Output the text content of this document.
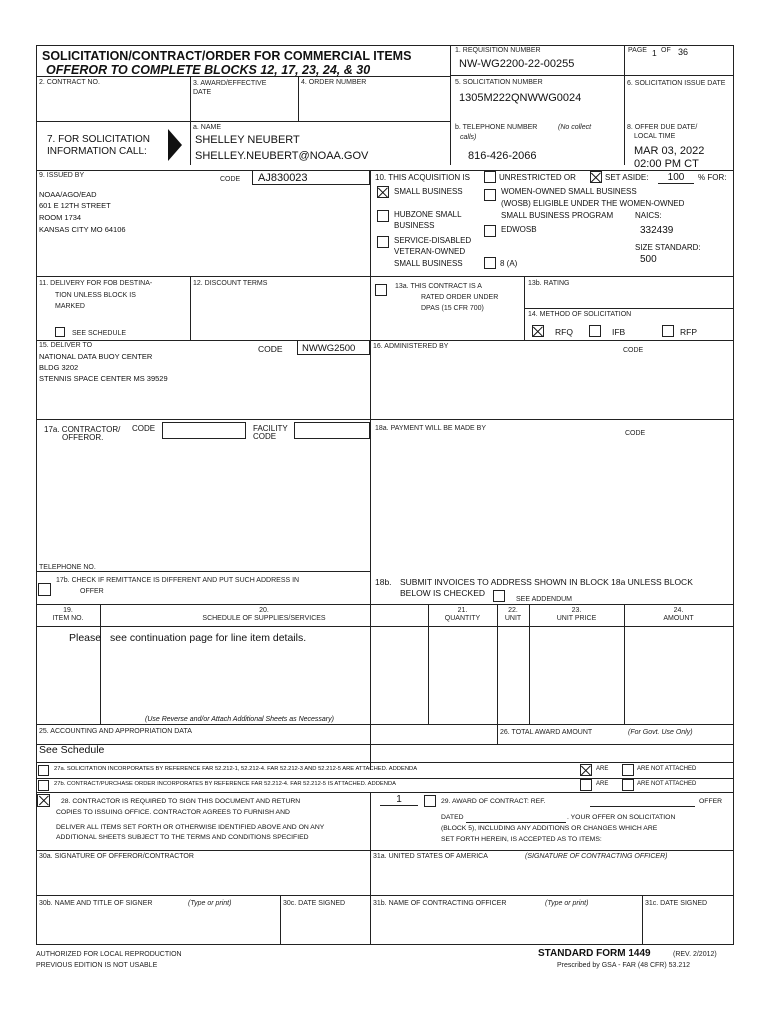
SOLICITATION/CONTRACT/ORDER FOR COMMERCIAL ITEMS
OFFEROR TO COMPLETE BLOCKS 12, 17, 23, 24, & 30
1. REQUISITION NUMBER
NW-WG2200-22-00255
PAGE 1 OF 36
2. CONTRACT NO.	3. AWARD/EFFECTIVE DATE
4. ORDER NUMBER	5. SOLICITATION NUMBER
1305M222QNWWG0024
6. SOLICITATION ISSUE DATE
7. FOR SOLICITATION
INFORMATION CALL:
a. NAME
SHELLEY NEUBERT
SHELLEY.NEUBERT@NOAA.GOV
b. TELEPHONE NUMBER	(No collect
calls)
816-426-2066
8. OFFER DUE DATE/
LOCAL TIME
MAR 03, 2022
02:00 PM CT
9. ISSUED BY
CODE AJ830023
NOAA/AGO/EAD
601 E 12TH STREET
ROOM 1734
KANSAS CITY MO 64106
10. THIS ACQUISITION IS	UNRESTRICTED OR	SET ASIDE:	100	% FOR:
SMALL BUSINESS	WOMEN-OWNED SMALL BUSINESS
(WOSB) ELIGIBLE UNDER THE WOMEN-OWNED
SMALL BUSINESS PROGRAM	NAICS:
332439
HUBZONE SMALL
BUSINESS	EDWOSB
SERVICE-DISABLED
VETERAN-OWNED
SMALL BUSINESS	8 (A)
SIZE STANDARD:
500
11. DELIVERY FOR FOB DESTINA-
TION UNLESS BLOCK IS
MARKED
SEE SCHEDULE
12. DISCOUNT TERMS	13a. THIS CONTRACT IS A
RATED ORDER UNDER
DPAS (15 CFR 700)
13b. RATING
14. METHOD OF SOLICITATION
RFQ	IFB	RFP
15. DELIVER TO	CODE NWWG2500
NATIONAL DATA BUOY CENTER
BLDG 3202
STENNIS SPACE CENTER MS 39529
16. ADMINISTERED BY
CODE
17a. CONTRACTOR/
OFFEROR.
CODE	FACILITY
CODE
TELEPHONE NO.
18a. PAYMENT WILL BE MADE BY
CODE
17b. CHECK IF REMITTANCE IS DIFFERENT AND PUT SUCH ADDRESS IN
OFFER
18b. SUBMIT INVOICES TO ADDRESS SHOWN IN BLOCK 18a UNLESS BLOCK
BELOW IS CHECKED
SEE ADDENDUM
19.
ITEM NO.
20.
SCHEDULE OF SUPPLIES/SERVICES
21.
QUANTITY
22.
UNIT
23.
UNIT PRICE
24.
AMOUNT
Please see continuation page for line item details.
(Use Reverse and/or Attach Additional Sheets as Necessary)
25. ACCOUNTING AND APPROPRIATION DATA
See Schedule
26. TOTAL AWARD AMOUNT	(For Govt. Use Only)
27a. SOLICITATION INCORPORATES BY REFERENCE FAR 52.212-1, 52.212-4. FAR 52.212-3 AND 52.212-5 ARE ATTACHED. ADDENDA	ARE	ARE NOT ATTACHED
27b. CONTRACT/PURCHASE ORDER INCORPORATES BY REFERENCE FAR 52.212-4. FAR 52.212-5 IS ATTACHED. ADDENDA	ARE	ARE NOT ATTACHED
28. CONTRACTOR IS REQUIRED TO SIGN THIS DOCUMENT AND RETURN	1
COPIES TO ISSUING OFFICE. CONTRACTOR AGREES TO FURNISH AND
DELIVER ALL ITEMS SET FORTH OR OTHERWISE IDENTIFIED ABOVE AND ON ANY
ADDITIONAL SHEETS SUBJECT TO THE TERMS AND CONDITIONS SPECIFIED
29. AWARD OF CONTRACT: REF.	OFFER
DATED	. YOUR OFFER ON SOLICITATION
(BLOCK 5), INCLUDING ANY ADDITIONS OR CHANGES WHICH ARE
SET FORTH HEREIN, IS ACCEPTED AS TO ITEMS:
30a. SIGNATURE OF OFFEROR/CONTRACTOR	31a. UNITED STATES OF AMERICA	(SIGNATURE OF CONTRACTING OFFICER)
30b. NAME AND TITLE OF SIGNER	(Type or print)	30c. DATE SIGNED	31b. NAME OF CONTRACTING OFFICER	(Type or print)	31c. DATE SIGNED
AUTHORIZED FOR LOCAL REPRODUCTION
PREVIOUS EDITION IS NOT USABLE
STANDARD FORM 1449	(REV. 2/2012)
Prescribed by GSA - FAR (48 CFR) 53.212
